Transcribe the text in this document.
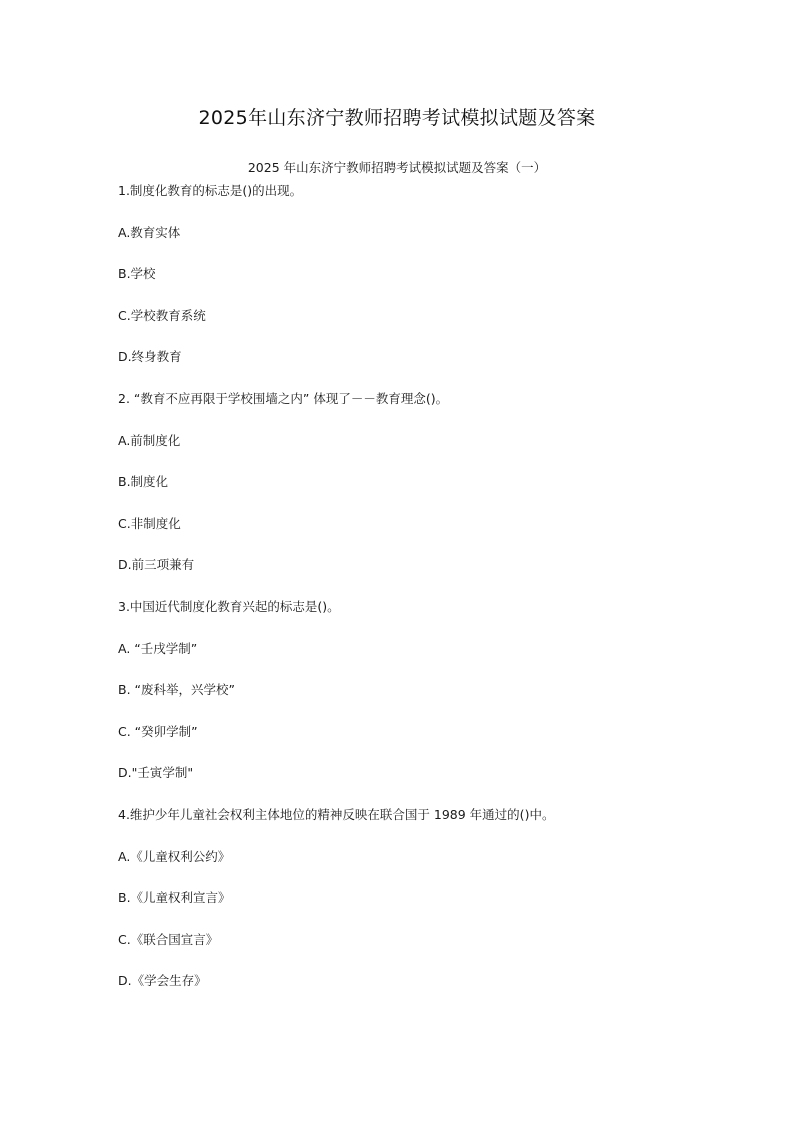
2025年山东济宁教师招聘考试模拟试题及答案
2025 年山东济宁教师招聘考试模拟试题及答案（一）

1.制度化教育的标志是()的出现。

A.教育实体

B.学校

C.学校教育系统

D.终身教育

2. “教育不应再限于学校围墙之内” 体现了－－教育理念()。

A.前制度化

B.制度化

C.非制度化

D.前三项兼有

3.中国近代制度化教育兴起的标志是()。

A. “壬戌学制”

B. “废科举，兴学校”

C. “癸卯学制”

D."壬寅学制"

4.维护少年儿童社会权利主体地位的精神反映在联合国于 1989 年通过的()中。

A.《儿童权利公约》

B.《儿童权利宣言》

C.《联合国宣言》

D.《学会生存》
